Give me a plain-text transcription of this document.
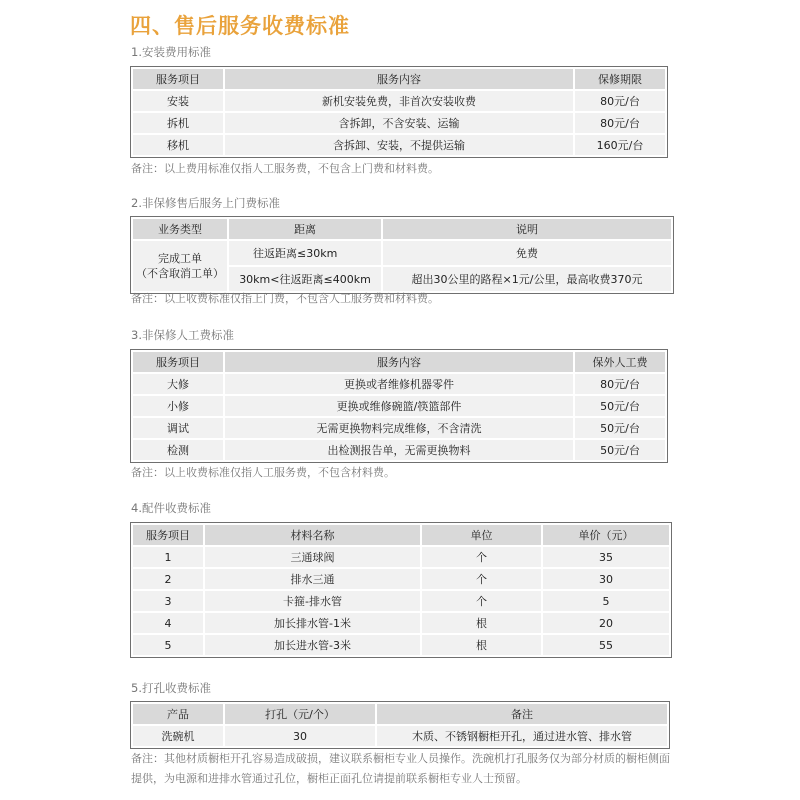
四、售后服务收费标准
1.安装费用标准
服务项目	服务内容	保修期限
安装	新机安装免费，非首次安装收费	80元/台
拆机	含拆卸，不含安装、运输	80元/台
移机	含拆卸、安装，不提供运输	160元/台
备注：以上费用标准仅指人工服务费，不包含上门费和材料费。
2.非保修售后服务上门费标准
业务类型	距离	说明

完成工单
（不含取消工单）	往返距离≤30km	免费
	30km<往返距离≤400km	超出30公里的路程×1元/公里，最高收费370元
备注：以上收费标准仅指上门费，不包含人工服务费和材料费。
3.非保修人工费标准
服务项目	服务内容	保外人工费
大修	更换或者维修机器零件	80元/台
小修	更换或维修碗篮/筷篮部件	50元/台
调试	无需更换物料完成维修，不含清洗	50元/台
检测	出检测报告单，无需更换物料	50元/台
备注：以上收费标准仅指人工服务费，不包含材料费。
4.配件收费标准
服务项目	材料名称	单位	单价（元）
1	三通球阀	个	35
2	排水三通	个	30
3	卡箍-排水管	个	5
4	加长排水管-1米	根	20
5	加长进水管-3米	根	55
5.打孔收费标准
产品	打孔（元/个）	备注
洗碗机	30	木质、不锈钢橱柜开孔，通过进水管、排水管
备注：其他材质橱柜开孔容易造成破损，建议联系橱柜专业人员操作。洗碗机打孔服务仅为部分材质的橱柜侧面提供，为电源和进排水管通过孔位，橱柜正面孔位请提前联系橱柜专业人士预留。
